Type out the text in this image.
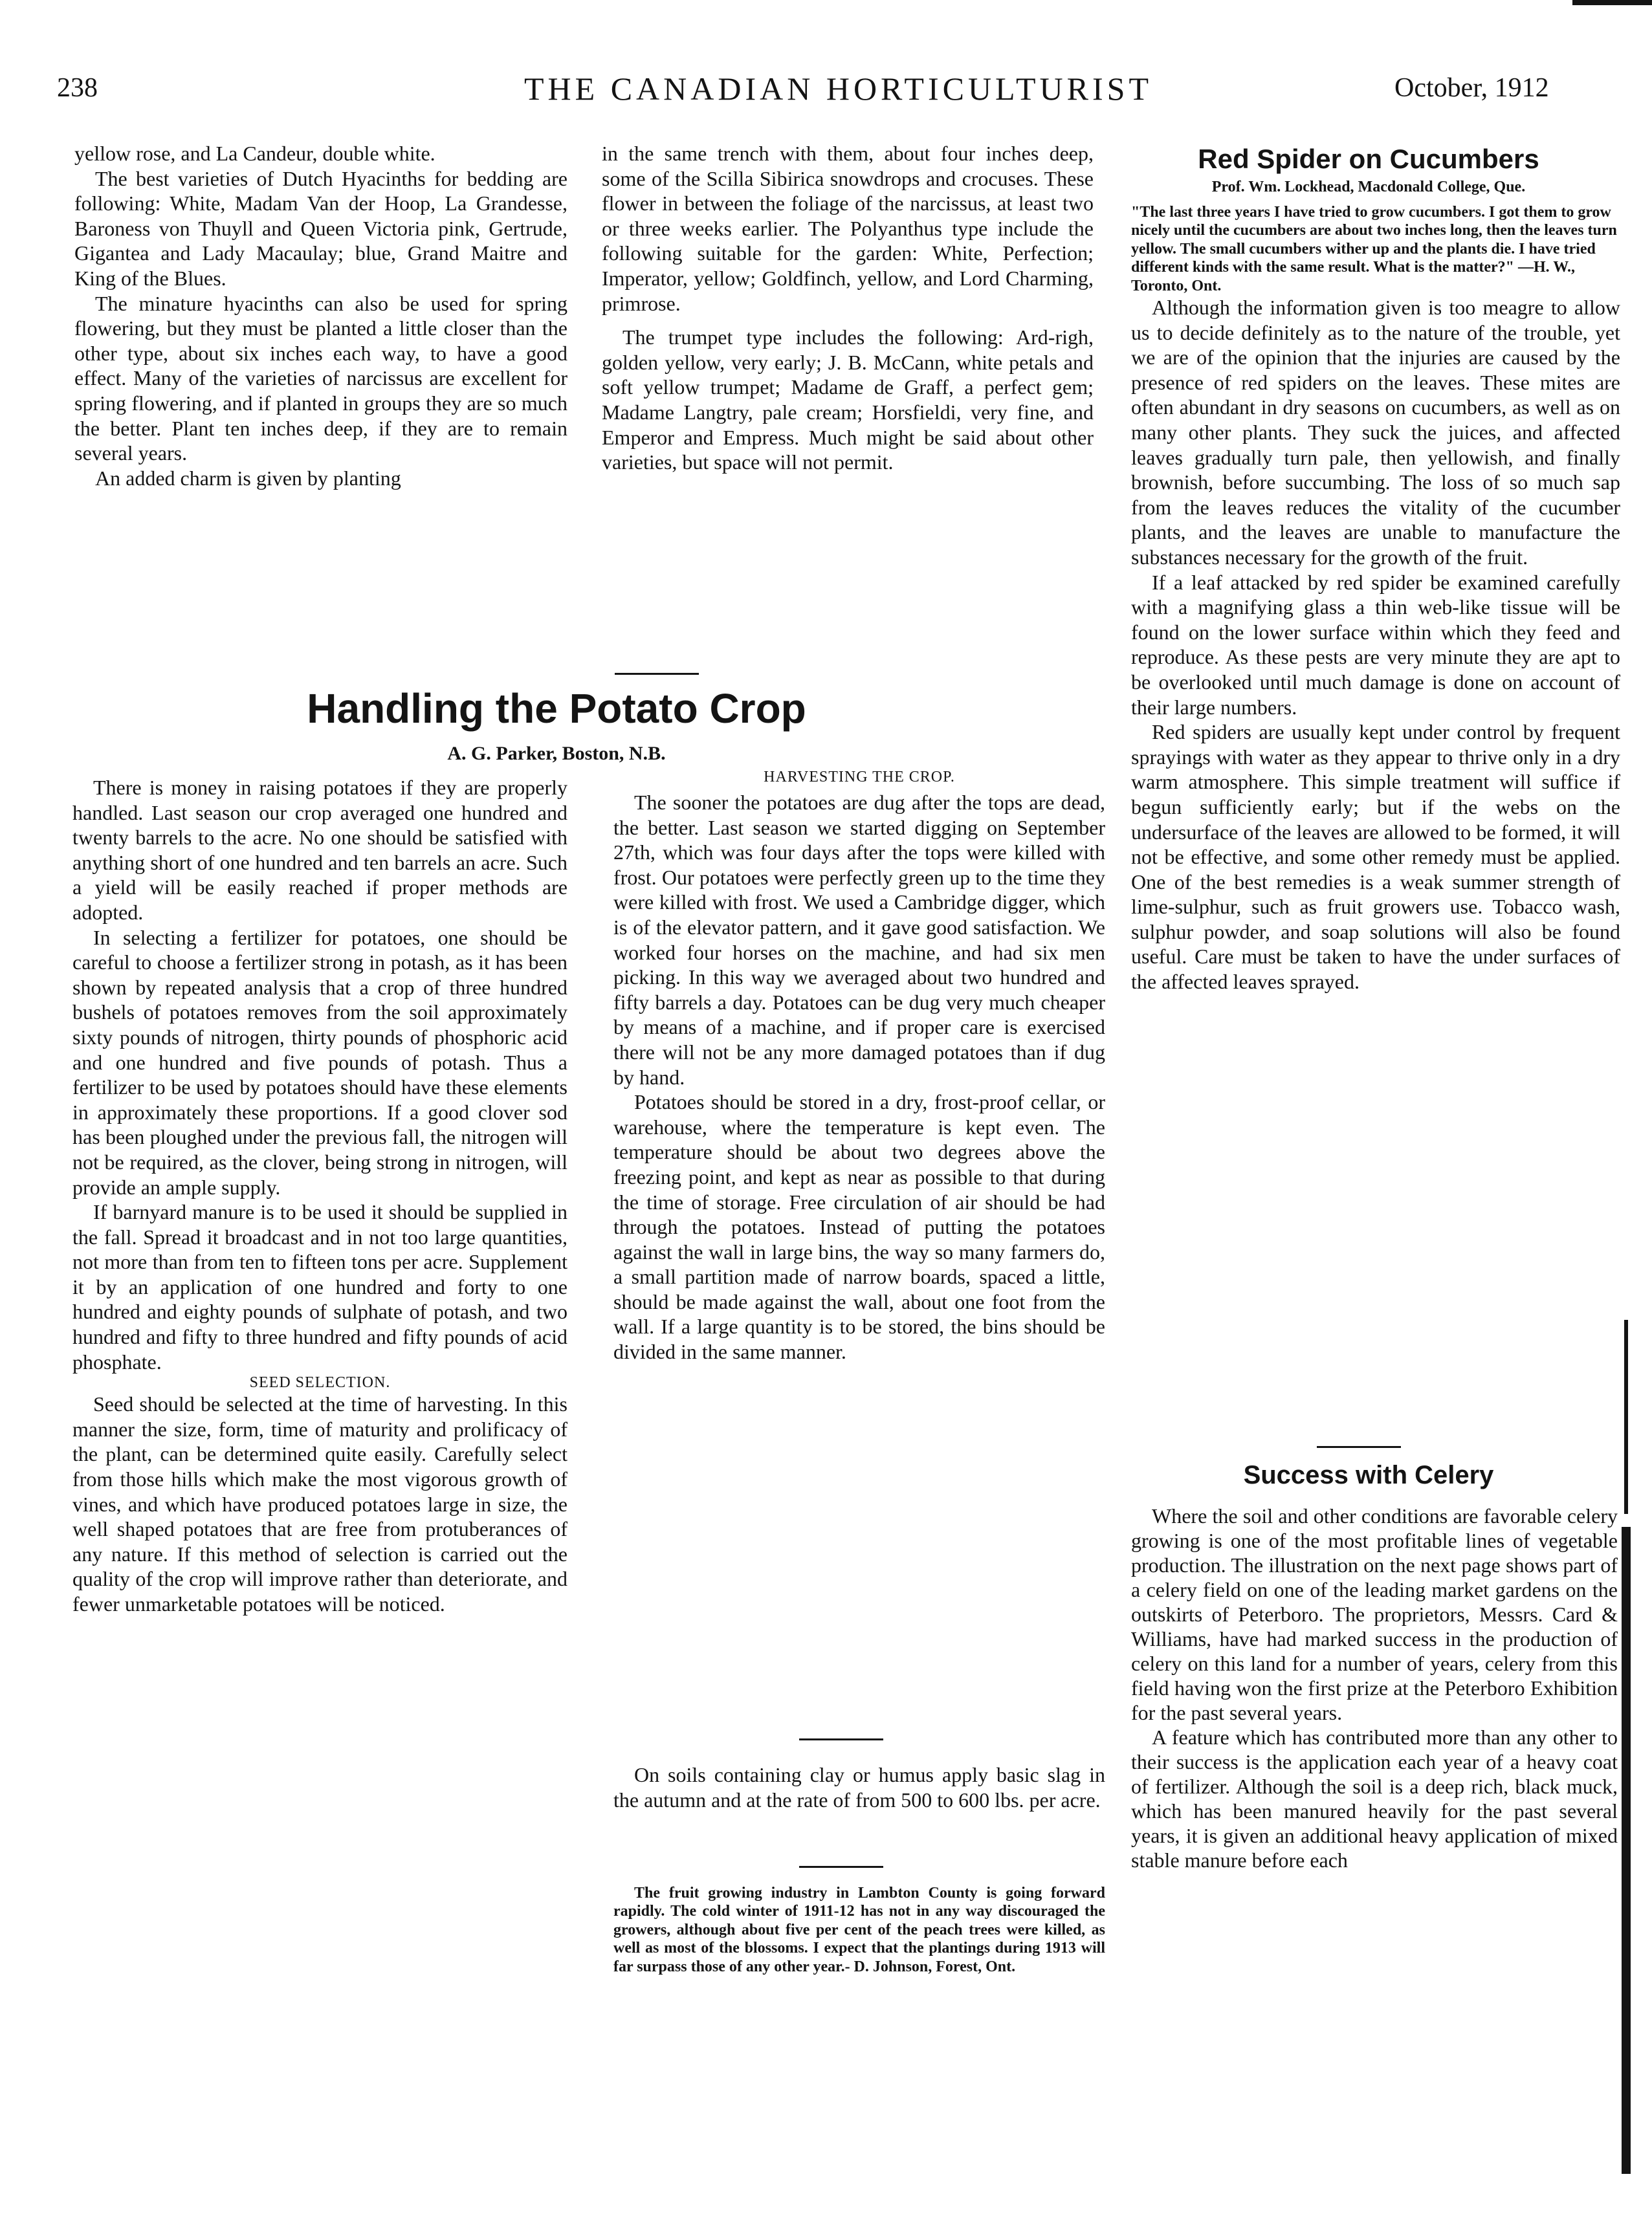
238	THE CANADIAN HORTICULTURIST	October, 1912

yellow rose, and La Candeur, double white.

The best varieties of Dutch Hyacinths for bedding are following: White, Madam Van der Hoop, La Grandesse, Baroness von Thuyll and Queen Victoria pink, Gertrude, Gigantea and Lady Macaulay; blue, Grand Maitre and King of the Blues.

The minature hyacinths can also be used for spring flowering, but they must be planted a little closer than the other type, about six inches each way, to have a good effect. Many of the varieties of narcissus are excellent for spring flowering, and if planted in groups they are so much the better. Plant ten inches deep, if they are to remain several years.

An added charm is given by planting

in the same trench with them, about four inches deep, some of the Scilla Sibirica snowdrops and crocuses. These flower in between the foliage of the narcissus, at least two or three weeks earlier. The Polyanthus type include the following suitable for the garden: White, Perfection; Imperator, yellow; Goldfinch, yellow, and Lord Charming, primrose.

The trumpet type includes the following: Ard-righ, golden yellow, very early; J. B. McCann, white petals and soft yellow trumpet; Madame de Graff, a perfect gem; Madame Langtry, pale cream; Horsfieldi, very fine, and Emperor and Empress. Much might be said about other varieties, but space will not permit.

Handling the Potato Crop
A. G. Parker, Boston, N.B.

There is money in raising potatoes if they are properly handled. Last season our crop averaged one hundred and twenty barrels to the acre. No one should be satisfied with anything short of one hundred and ten barrels an acre. Such a yield will be easily reached if proper methods are adopted.

In selecting a fertilizer for potatoes, one should be careful to choose a fertilizer strong in potash, as it has been shown by repeated analysis that a crop of three hundred bushels of potatoes removes from the soil approximately sixty pounds of nitrogen, thirty pounds of phosphoric acid and one hundred and five pounds of potash. Thus a fertilizer to be used by potatoes should have these elements in approximately these proportions. If a good clover sod has been ploughed under the previous fall, the nitrogen will not be required, as the clover, being strong in nitrogen, will provide an ample supply.

If barnyard manure is to be used it should be supplied in the fall. Spread it broadcast and in not too large quantities, not more than from ten to fifteen tons per acre. Supplement it by an application of one hundred and forty to one hundred and eighty pounds of sulphate of potash, and two hundred and fifty to three hundred and fifty pounds of acid phosphate.

SEED SELECTION.

Seed should be selected at the time of harvesting. In this manner the size, form, time of maturity and prolificacy of the plant, can be determined quite easily. Carefully select from those hills which make the most vigorous growth of vines, and which have produced potatoes large in size, the well shaped potatoes that are free from protuberances of any nature. If this method of selection is carried out the quality of the crop will improve rather than deteriorate, and fewer unmarketable potatoes will be noticed.

HARVESTING THE CROP.

The sooner the potatoes are dug after the tops are dead, the better. Last season we started digging on September 27th, which was four days after the tops were killed with frost. Our potatoes were perfectly green up to the time they were killed with frost. We used a Cambridge digger, which is of the elevator pattern, and it gave good satisfaction. We worked four horses on the machine, and had six men picking. In this way we averaged about two hundred and fifty barrels a day. Potatoes can be dug very much cheaper by means of a machine, and if proper care is exercised there will not be any more damaged potatoes than if dug by hand.

Potatoes should be stored in a dry, frost-proof cellar, or warehouse, where the temperature is kept even. The temperature should be about two degrees above the freezing point, and kept as near as possible to that during the time of storage. Free circulation of air should be had through the potatoes. Instead of putting the potatoes against the wall in large bins, the way so many farmers do, a small partition made of narrow boards, spaced a little, should be made against the wall, about one foot from the wall. If a large quantity is to be stored, the bins should be divided in the same manner.

On soils containing clay or humus apply basic slag in the autumn and at the rate of from 500 to 600 lbs. per acre.

The fruit growing industry in Lambton County is going forward rapidly. The cold winter of 1911-12 has not in any way discouraged the growers, although about five per cent of the peach trees were killed, as well as most of the blossoms. I expect that the plantings during 1913 will far surpass those of any other year.- D. Johnson, Forest, Ont.

Red Spider on Cucumbers
Prof. Wm. Lockhead, Macdonald College, Que.

"The last three years I have tried to grow cucumbers. I got them to grow nicely until the cucumbers are about two inches long, then the leaves turn yellow. The small cucumbers wither up and the plants die. I have tried different kinds with the same result. What is the matter?" —H. W., Toronto, Ont.

Although the information given is too meagre to allow us to decide definitely as to the nature of the trouble, yet we are of the opinion that the injuries are caused by the presence of red spiders on the leaves. These mites are often abundant in dry seasons on cucumbers, as well as on many other plants. They suck the juices, and affected leaves gradually turn pale, then yellowish, and finally brownish, before succumbing. The loss of so much sap from the leaves reduces the vitality of the cucumber plants, and the leaves are unable to manufacture the substances necessary for the growth of the fruit.

If a leaf attacked by red spider be examined carefully with a magnifying glass a thin web-like tissue will be found on the lower surface within which they feed and reproduce. As these pests are very minute they are apt to be overlooked until much damage is done on account of their large numbers.

Red spiders are usually kept under control by frequent sprayings with water as they appear to thrive only in a dry warm atmosphere. This simple treatment will suffice if begun sufficiently early; but if the webs on the undersurface of the leaves are allowed to be formed, it will not be effective, and some other remedy must be applied. One of the best remedies is a weak summer strength of lime-sulphur, such as fruit growers use. Tobacco wash, sulphur powder, and soap solutions will also be found useful. Care must be taken to have the under surfaces of the affected leaves sprayed.

Success with Celery

Where the soil and other conditions are favorable celery growing is one of the most profitable lines of vegetable production. The illustration on the next page shows part of a celery field on one of the leading market gardens on the outskirts of Peterboro. The proprietors, Messrs. Card & Williams, have had marked success in the production of celery on this land for a number of years, celery from this field having won the first prize at the Peterboro Exhibition for the past several years.

A feature which has contributed more than any other to their success is the application each year of a heavy coat of fertilizer. Although the soil is a deep rich, black muck, which has been manured heavily for the past several years, it is given an additional heavy application of mixed stable manure before each
